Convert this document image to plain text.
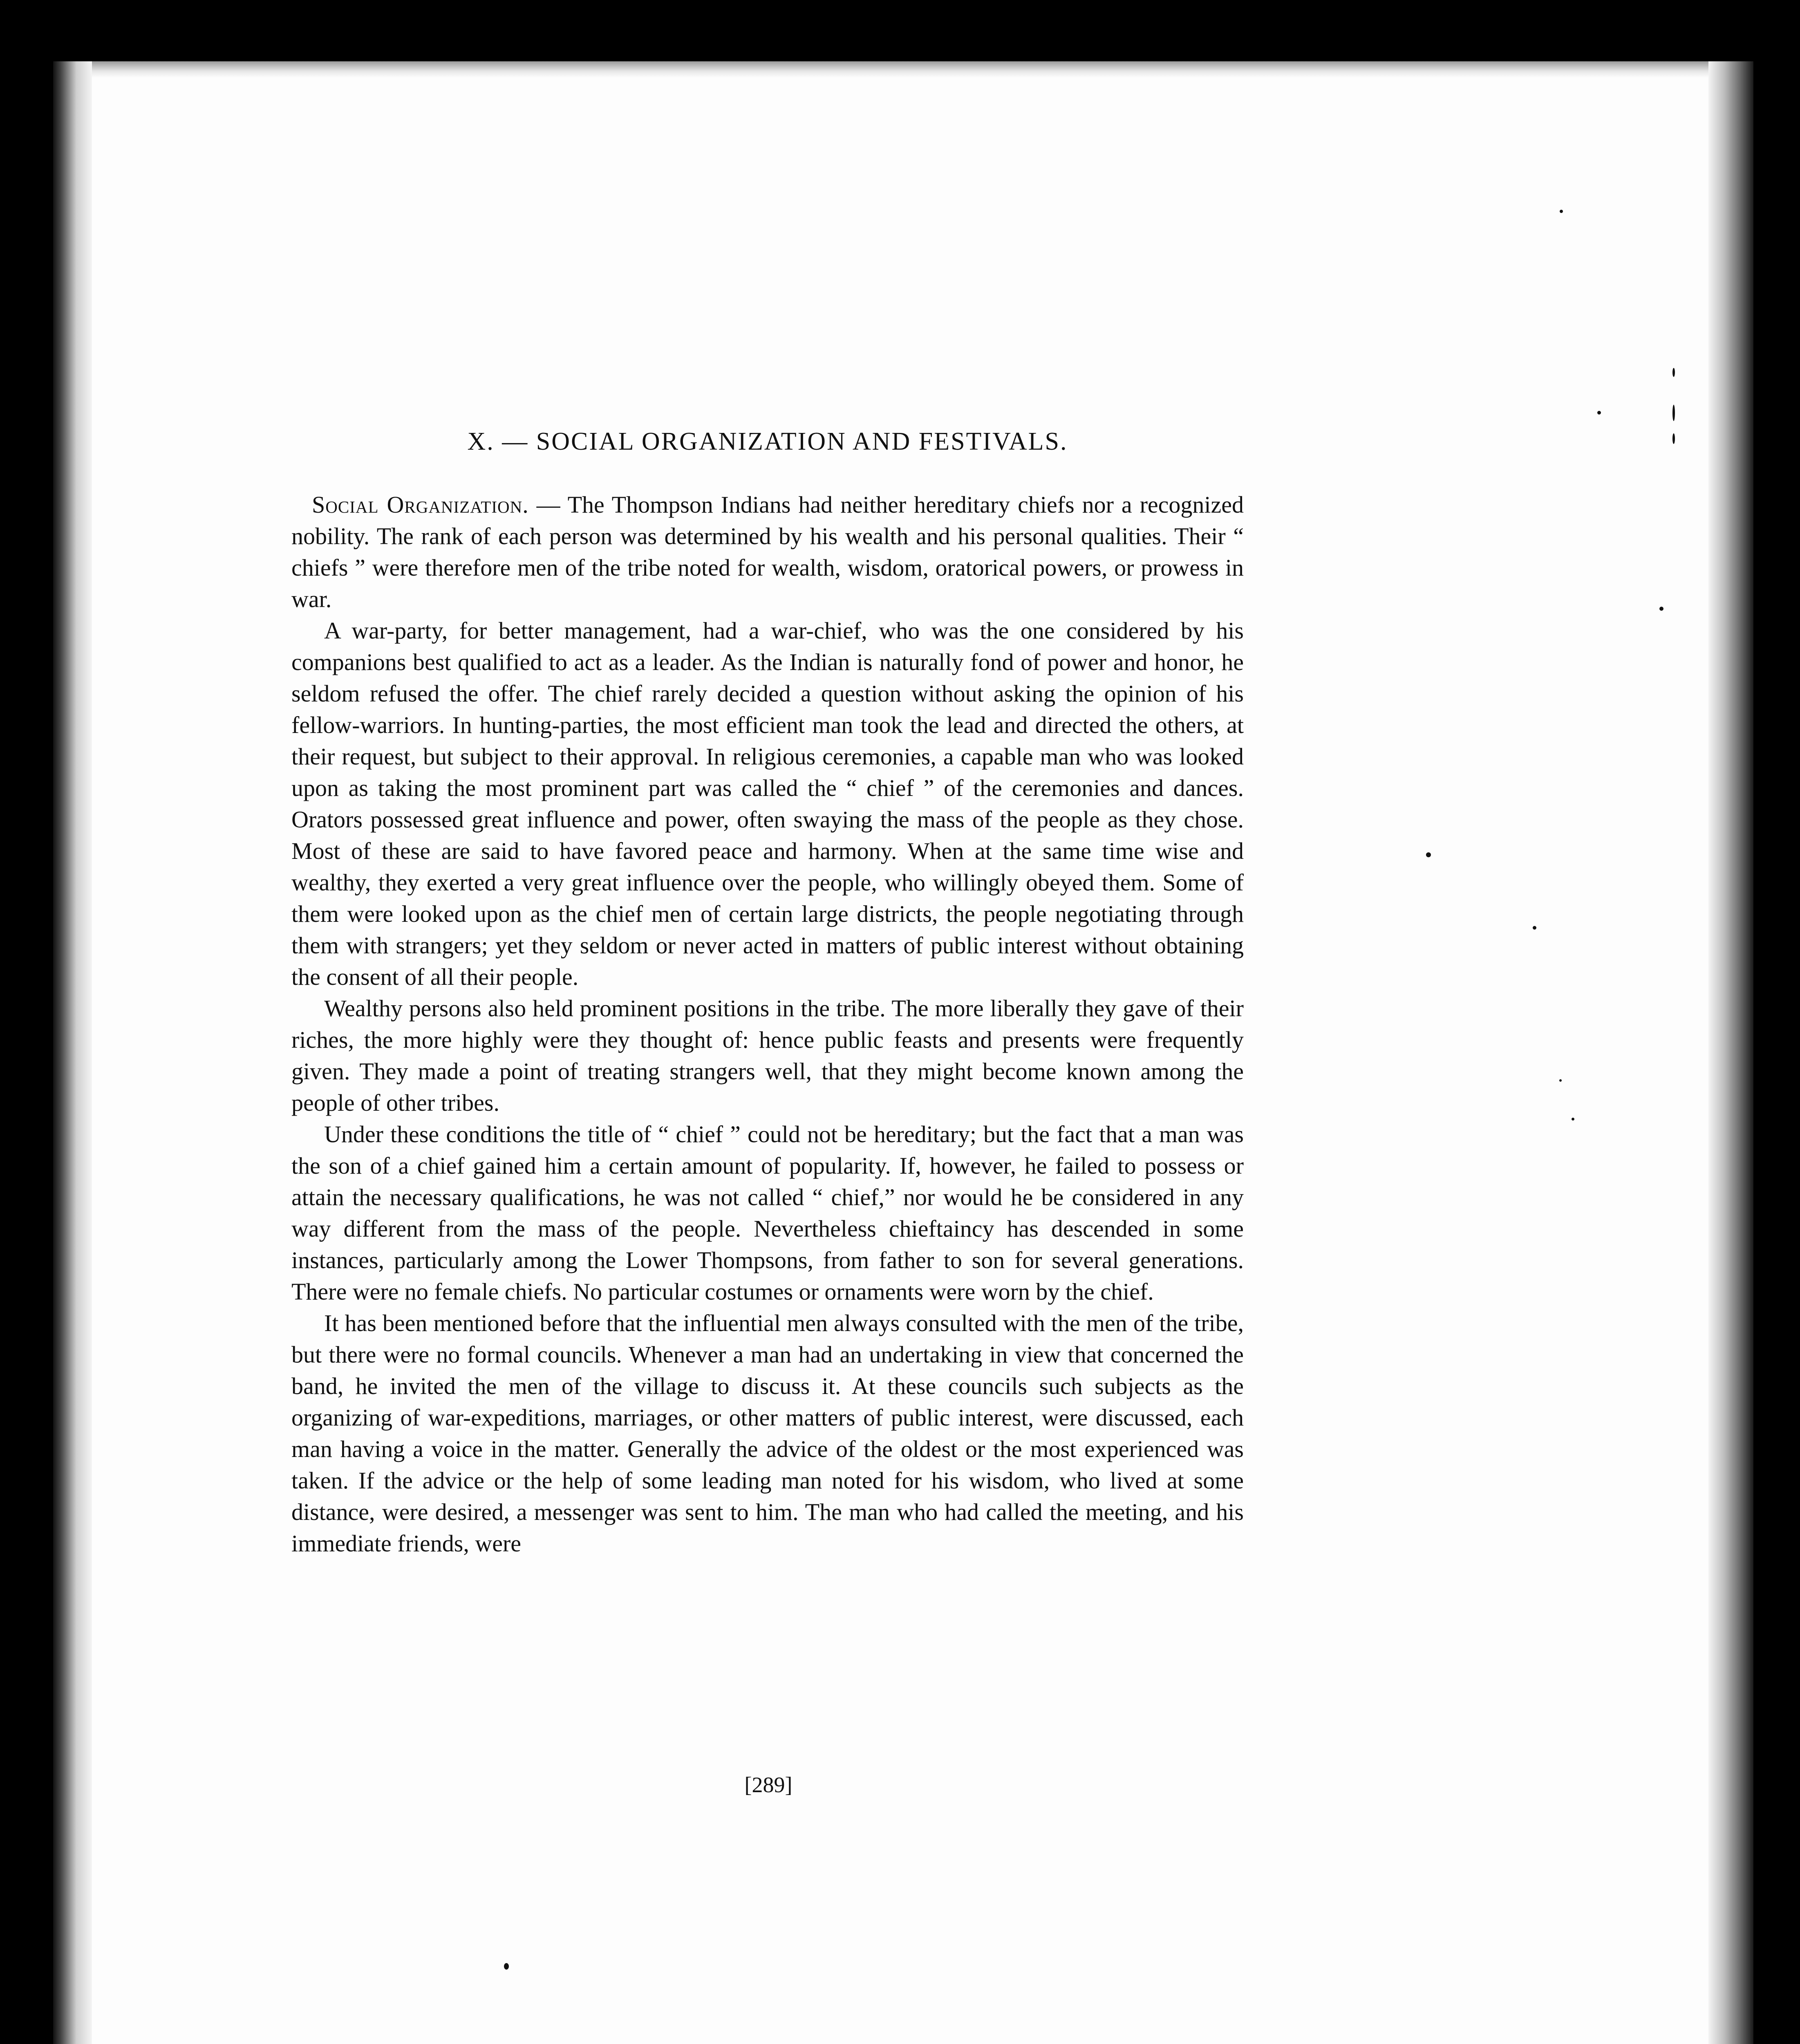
X. — SOCIAL ORGANIZATION AND FESTIVALS.

Social Organization. — The Thompson Indians had neither hereditary chiefs nor a recognized nobility. The rank of each person was determined by his wealth and his personal qualities. Their “ chiefs ” were therefore men of the tribe noted for wealth, wisdom, oratorical powers, or prowess in war.

A war-party, for better management, had a war-chief, who was the one considered by his companions best qualified to act as a leader. As the Indian is naturally fond of power and honor, he seldom refused the offer. The chief rarely decided a question without asking the opinion of his fellow-warriors. In hunting-parties, the most efficient man took the lead and directed the others, at their request, but subject to their approval. In religious ceremonies, a capable man who was looked upon as taking the most prominent part was called the “ chief ” of the ceremonies and dances. Orators possessed great influence and power, often swaying the mass of the people as they chose. Most of these are said to have favored peace and harmony. When at the same time wise and wealthy, they exerted a very great influence over the people, who willingly obeyed them. Some of them were looked upon as the chief men of certain large districts, the people negotiating through them with strangers; yet they seldom or never acted in matters of public interest without obtaining the consent of all their people.

Wealthy persons also held prominent positions in the tribe. The more liberally they gave of their riches, the more highly were they thought of: hence public feasts and presents were frequently given. They made a point of treating strangers well, that they might become known among the people of other tribes.

Under these conditions the title of “ chief ” could not be hereditary; but the fact that a man was the son of a chief gained him a certain amount of popularity. If, however, he failed to possess or attain the necessary qualifications, he was not called “ chief,” nor would he be considered in any way different from the mass of the people. Nevertheless chieftaincy has descended in some instances, particularly among the Lower Thompsons, from father to son for several generations. There were no female chiefs. No particular costumes or ornaments were worn by the chief.

It has been mentioned before that the influential men always consulted with the men of the tribe, but there were no formal councils. Whenever a man had an undertaking in view that concerned the band, he invited the men of the village to discuss it. At these councils such subjects as the organizing of war-expeditions, marriages, or other matters of public interest, were discussed, each man having a voice in the matter. Generally the advice of the oldest or the most experienced was taken. If the advice or the help of some leading man noted for his wisdom, who lived at some distance, were desired, a messenger was sent to him. The man who had called the meeting, and his immediate friends, were

[289]
